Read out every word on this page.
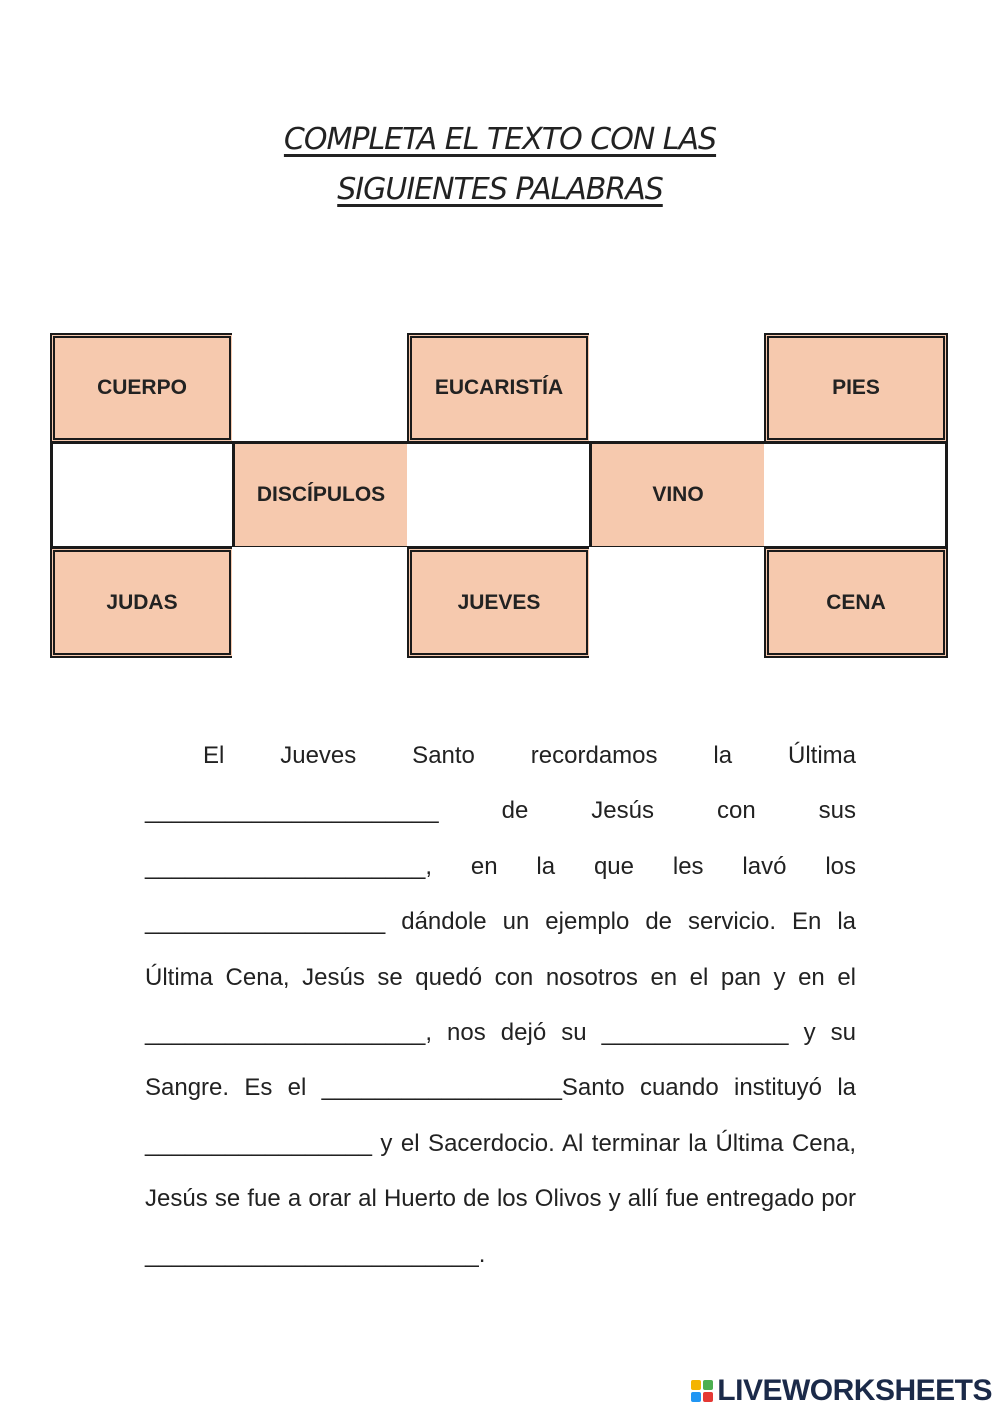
COMPLETA EL TEXTO CON LAS
SIGUIENTES PALABRAS
CUERPO	EUCARISTÍA	PIES
DISCÍPULOS	VINO
JUDAS	JUEVES	CENA

El Jueves Santo recordamos la Última ______________________ de Jesús con sus _____________________, en la que les lavó los __________________ dándole un ejemplo de servicio. En la Última Cena, Jesús se quedó con nosotros en el pan y en el _____________________, nos dejó su ______________ y su Sangre. Es el __________________Santo cuando instituyó la _________________ y el Sacerdocio. Al terminar la Última Cena, Jesús se fue a orar al Huerto de los Olivos y allí fue entregado por _________________________.

LIVEWORKSHEETS
